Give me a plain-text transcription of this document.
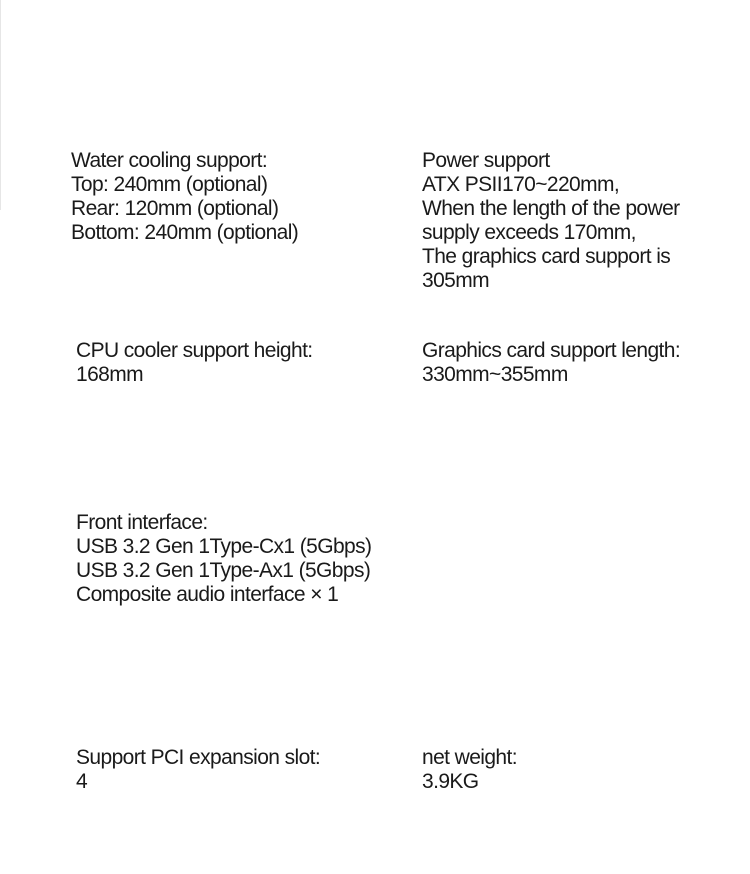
Water cooling support:
Top: 240mm (optional)
Rear: 120mm (optional)
Bottom: 240mm (optional)
Power support
ATX PSII170~220mm,
When the length of the power
supply exceeds 170mm,
The graphics card support is
305mm
CPU cooler support height:
168mm
Graphics card support length:
330mm~355mm
Front interface:
USB 3.2 Gen 1Type-Cx1 (5Gbps)
USB 3.2 Gen 1Type-Ax1 (5Gbps)
Composite audio interface × 1
Support PCI expansion slot:
4
net weight:
3.9KG
